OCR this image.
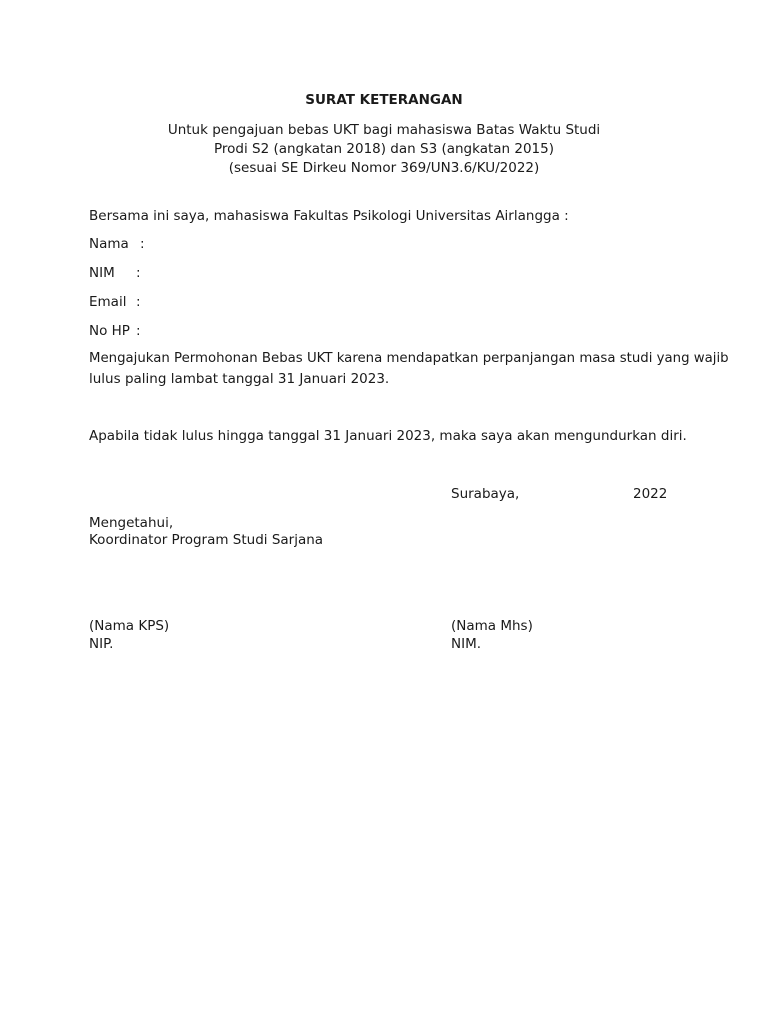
SURAT KETERANGAN
Untuk pengajuan bebas UKT bagi mahasiswa Batas Waktu Studi
Prodi S2 (angkatan 2018) dan S3 (angkatan 2015)
(sesuai SE Dirkeu Nomor 369/UN3.6/KU/2022)
Bersama ini saya, mahasiswa Fakultas Psikologi Universitas Airlangga :
Nama :
NIM :
Email :
No HP :
Mengajukan Permohonan Bebas UKT karena mendapatkan perpanjangan masa studi yang wajib
lulus paling lambat tanggal 31 Januari 2023.
Apabila tidak lulus hingga tanggal 31 Januari 2023, maka saya akan mengundurkan diri.
Surabaya,	2022
Mengetahui,
Koordinator Program Studi Sarjana
(Nama KPS)
NIP.
(Nama Mhs)
NIM.
